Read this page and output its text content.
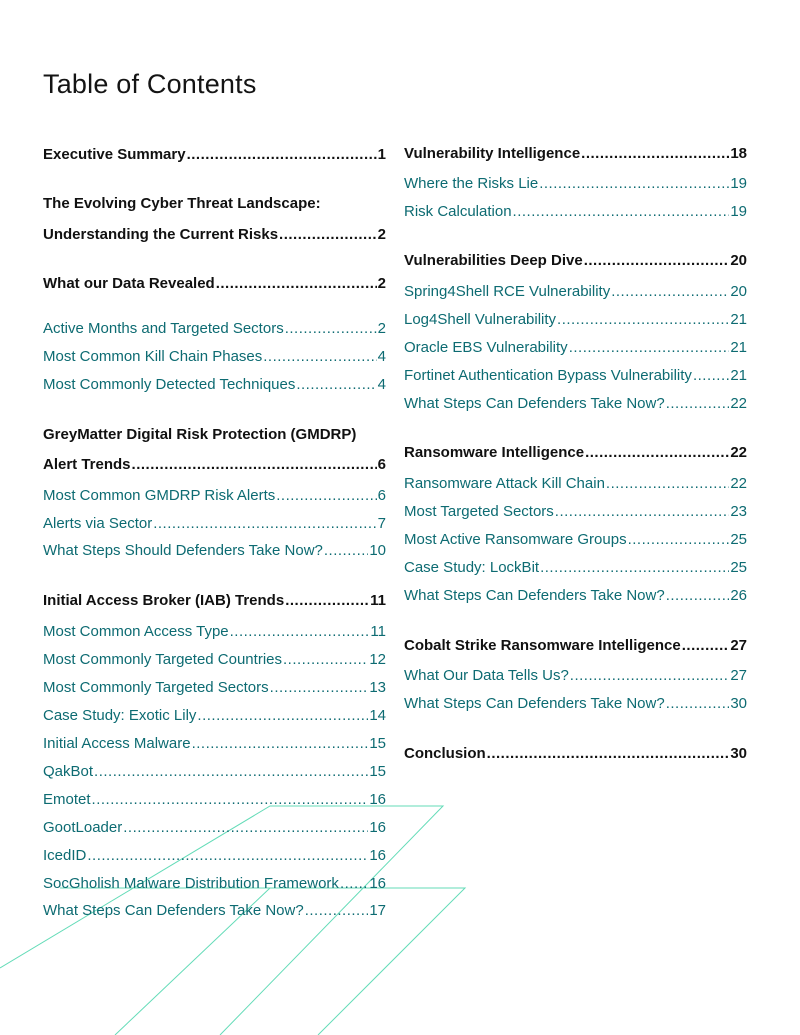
Table of Contents
Executive Summary .....	1
The Evolving Cyber Threat Landscape:
Understanding the Current Risks .....	2
What our Data Revealed .....	2
Active Months and Targeted Sectors .....	2
Most Common Kill Chain Phases .....	4
Most Commonly Detected Techniques .....	4
GreyMatter Digital Risk Protection (GMDRP)
Alert Trends .....	6
Most Common GMDRP Risk Alerts .....	6
Alerts via Sector .....	7
What Steps Should Defenders Take Now? .....	10
Initial Access Broker (IAB) Trends .....	11
Most Common Access Type .....	11
Most Commonly Targeted Countries .....	12
Most Commonly Targeted Sectors .....	13
Case Study: Exotic Lily .....	14
Initial Access Malware .....	15
QakBot .....	15
Emotet .....	16
GootLoader .....	16
IcedID .....	16
SocGholish Malware Distribution Framework ..... 16
What Steps Can Defenders Take Now? .....	17
Vulnerability Intelligence .....	18
Where the Risks Lie .....	19
Risk Calculation .....	19
Vulnerabilities Deep Dive .....	20
Spring4Shell RCE Vulnerability .....	20
Log4Shell Vulnerability .....	21
Oracle EBS Vulnerability .....	21
Fortinet Authentication Bypass Vulnerability .....	21
What Steps Can Defenders Take Now? .....	22
Ransomware Intelligence .....	22
Ransomware Attack Kill Chain .....	22
Most Targeted Sectors .....	23
Most Active Ransomware Groups .....	25
Case Study: LockBit .....	25
What Steps Can Defenders Take Now? .....	26
Cobalt Strike Ransomware Intelligence .....	27
What Our Data Tells Us? .....	27
What Steps Can Defenders Take Now? .....	30
Conclusion .....	30
